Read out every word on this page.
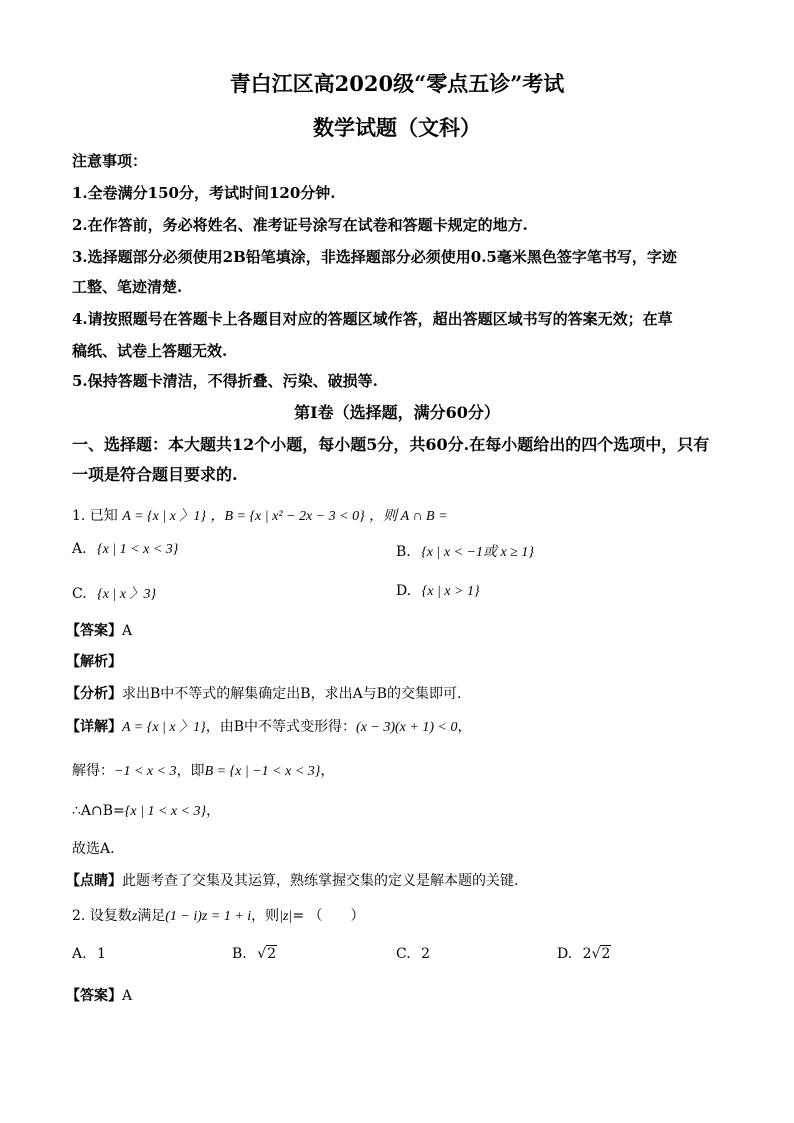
青白江区高2020级“零点五诊”考试
数学试题（文科）
注意事项：
1.全卷满分150分，考试时间120分钟.
2.在作答前，务必将姓名、准考证号涂写在试卷和答题卡规定的地方.
3.选择题部分必须使用2B铅笔填涂，非选择题部分必须使用0.5毫米黑色签字笔书写，字迹
工整、笔迹清楚.
4.请按照题号在答题卡上各题目对应的答题区域作答，超出答题区域书写的答案无效；在草
稿纸、试卷上答题无效.
5.保持答题卡清洁，不得折叠、污染、破损等.
第Ⅰ卷（选择题，满分60分）
一、选择题：本大题共12个小题，每小题5分，共60分.在每小题给出的四个选项中，只有
一项是符合题目要求的.
1. 已知 A = {x | x 〉1} ，B = {x | x² − 2x − 3 < 0} ，则 A ∩ B =
A. {x | 1 < x < 3}	B. {x | x < −1或 x ≥ 1}
C. {x | x 〉3}	D. {x | x > 1}
【答案】A
【解析】
【分析】求出B中不等式的解集确定出B，求出A与B的交集即可.
【详解】A = {x | x 〉1}，由B中不等式变形得：(x − 3)(x + 1) < 0，
解得：−1 < x < 3，即B = {x | −1 < x < 3}，
∴A∩B={x | 1 < x < 3}，
故选A.
【点睛】此题考查了交集及其运算，熟练掌握交集的定义是解本题的关键.
2. 设复数z满足(1 − i)z = 1 + i，则|z|= （　　）
A. 1	B. √2	C. 2	D. 2√2
【答案】A
